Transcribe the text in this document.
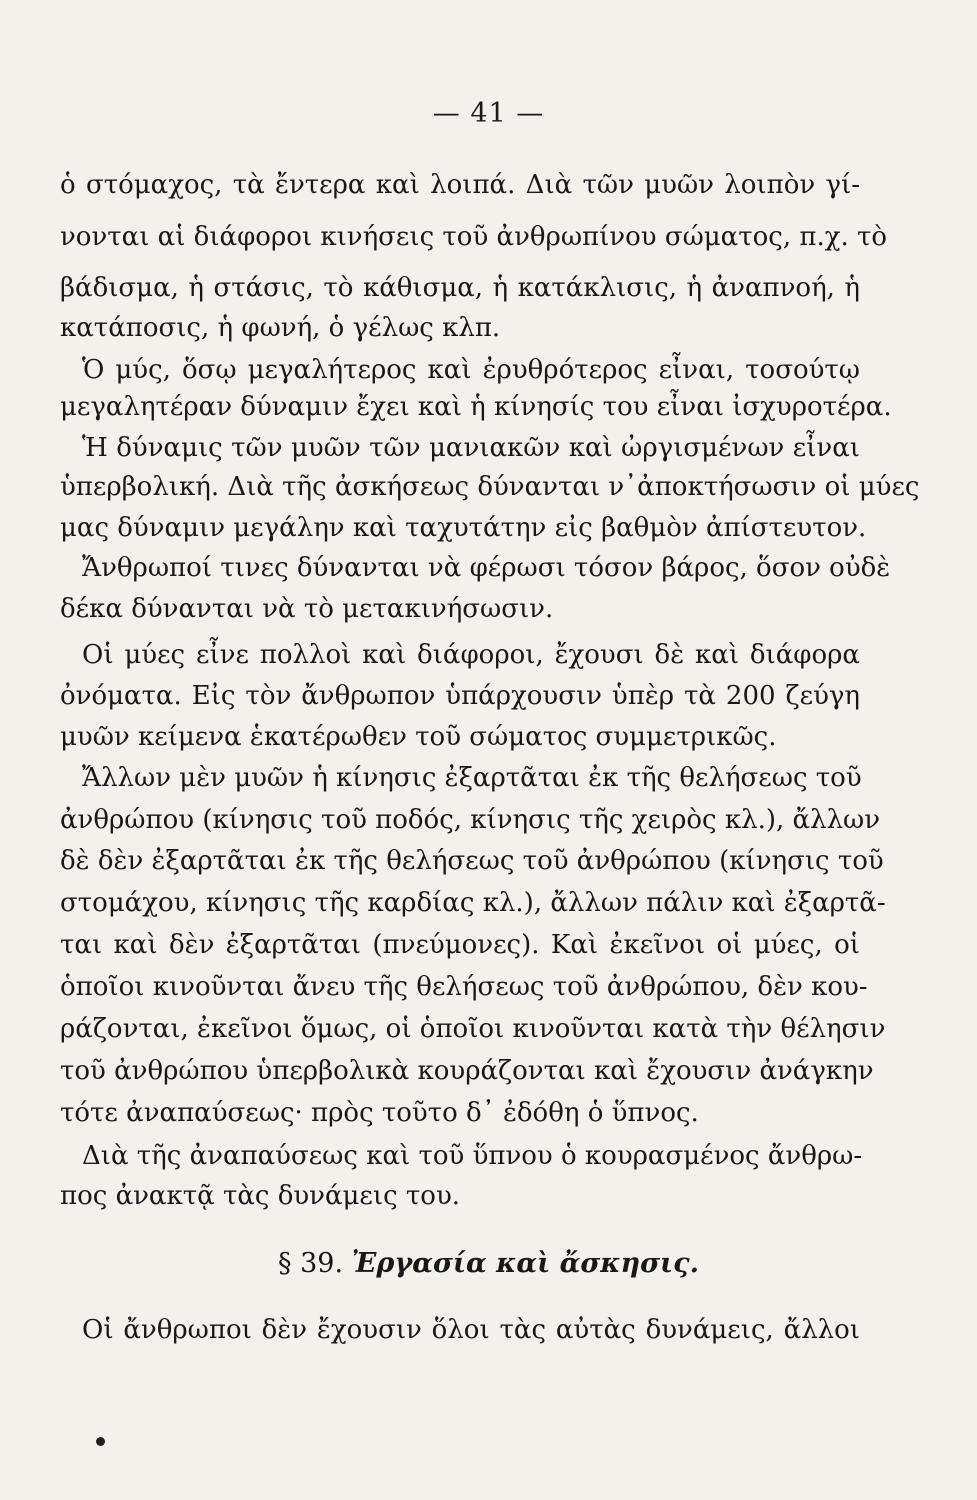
— 41 —
ὁ στόμαχος, τὰ ἔντερα καὶ λοιπά. Διὰ τῶν μυῶν λοιπὸν γί-
νονται αἱ διάφοροι κινήσεις τοῦ ἀνθρωπίνου σώματος, π.χ. τὸ
βάδισμα, ἡ στάσις, τὸ κάθισμα, ἡ κατάκλισις, ἡ ἀναπνοή, ἡ
κατάποσις, ἡ φωνή, ὁ γέλως κλπ.
Ὁ μύς, ὅσῳ μεγαλήτερος καὶ ἐρυθρότερος εἶναι, τοσούτῳ
μεγαλητέραν δύναμιν ἔχει καὶ ἡ κίνησίς του εἶναι ἰσχυροτέρα.
Ἡ δύναμις τῶν μυῶν τῶν μανιακῶν καὶ ὠργισμένων εἶναι
ὑπερβολική. Διὰ τῆς ἀσκήσεως δύνανται ν᾽ἀποκτήσωσιν οἱ μύες
μας δύναμιν μεγάλην καὶ ταχυτάτην εἰς βαθμὸν ἀπίστευτον.
Ἄνθρωποί τινες δύνανται νὰ φέρωσι τόσον βάρος, ὅσον οὐδὲ
δέκα δύνανται νὰ τὸ μετακινήσωσιν.
Οἱ μύες εἶνε πολλοὶ καὶ διάφοροι, ἔχουσι δὲ καὶ διάφορα
ὀνόματα. Εἰς τὸν ἄνθρωπον ὑπάρχουσιν ὑπὲρ τὰ 200 ζεύγη
μυῶν κείμενα ἑκατέρωθεν τοῦ σώματος συμμετρικῶς.
Ἄλλων μὲν μυῶν ἡ κίνησις ἐξαρτᾶται ἐκ τῆς θελήσεως τοῦ
ἀνθρώπου (κίνησις τοῦ ποδός, κίνησις τῆς χειρὸς κλ.), ἄλλων
δὲ δὲν ἐξαρτᾶται ἐκ τῆς θελήσεως τοῦ ἀνθρώπου (κίνησις τοῦ
στομάχου, κίνησις τῆς καρδίας κλ.), ἄλλων πάλιν καὶ ἐξαρτᾶ-
ται καὶ δὲν ἐξαρτᾶται (πνεύμονες). Καὶ ἐκεῖνοι οἱ μύες, οἱ
ὁποῖοι κινοῦνται ἄνευ τῆς θελήσεως τοῦ ἀνθρώπου, δὲν κου-
ράζονται, ἐκεῖνοι ὅμως, οἱ ὁποῖοι κινοῦνται κατὰ τὴν θέλησιν
τοῦ ἀνθρώπου ὑπερβολικὰ κουράζονται καὶ ἔχουσιν ἀνάγκην
τότε ἀναπαύσεως· πρὸς τοῦτο δ᾽ ἐδόθη ὁ ὕπνος.
Διὰ τῆς ἀναπαύσεως καὶ τοῦ ὕπνου ὁ κουρασμένος ἄνθρω-
πος ἀνακτᾷ τὰς δυνάμεις του.
Οἱ ἄνθρωποι δὲν ἔχουσιν ὅλοι τὰς αὐτὰς δυνάμεις, ἄλλοι
§ 39. Ἐργασία καὶ ἄσκησις.
